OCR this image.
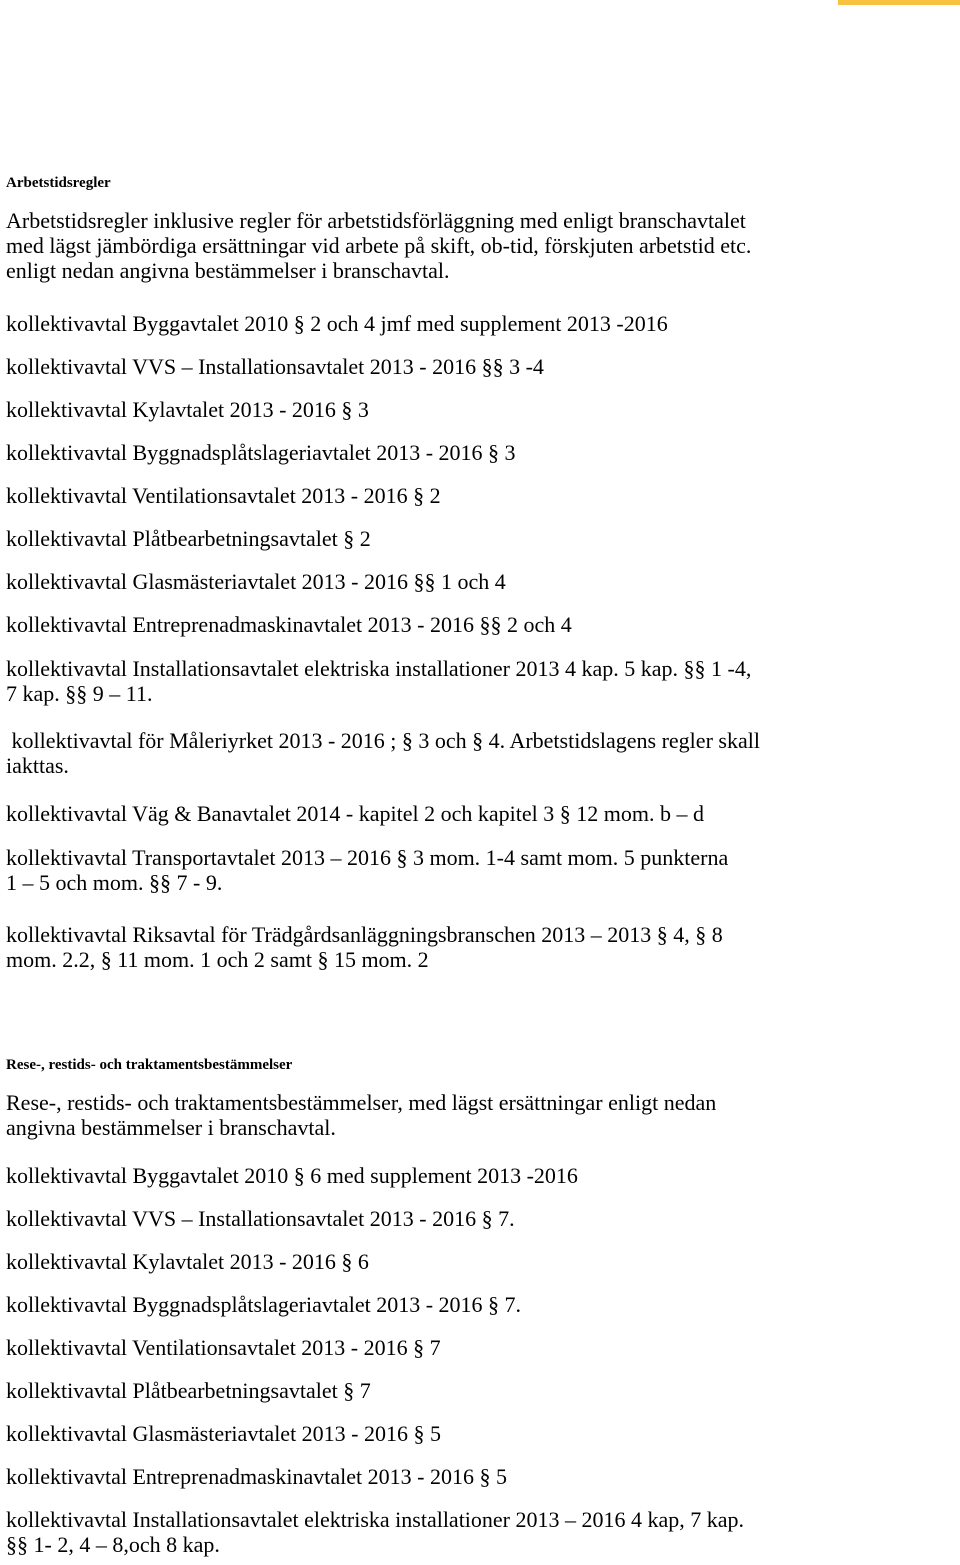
Arbetstidsregler
Arbetstidsregler inklusive regler för arbetstidsförläggning med enligt branschavtalet
med lägst jämbördiga ersättningar vid arbete på skift, ob-tid, förskjuten arbetstid etc.
enligt nedan angivna bestämmelser i branschavtal.
kollektivavtal Byggavtalet 2010 § 2 och 4 jmf med supplement 2013 -2016
kollektivavtal VVS – Installationsavtalet 2013 - 2016 §§ 3 -4
kollektivavtal Kylavtalet 2013 - 2016 § 3
kollektivavtal Byggnadsplåtslageriavtalet 2013 - 2016 § 3
kollektivavtal Ventilationsavtalet 2013 - 2016 § 2
kollektivavtal Plåtbearbetningsavtalet § 2
kollektivavtal Glasmästeriavtalet 2013 - 2016 §§ 1 och 4
kollektivavtal Entreprenadmaskinavtalet 2013 - 2016 §§ 2 och 4
kollektivavtal Installationsavtalet elektriska installationer 2013 4 kap. 5 kap. §§ 1 -4,
7 kap. §§ 9 – 11.
kollektivavtal för Måleriyrket 2013 - 2016 ; § 3 och § 4. Arbetstidslagens regler skall
iakttas.
kollektivavtal Väg & Banavtalet 2014 - kapitel 2 och kapitel 3 § 12 mom. b – d
kollektivavtal Transportavtalet 2013 – 2016 § 3 mom. 1-4 samt mom. 5 punkterna
1 – 5 och mom. §§ 7 - 9.
kollektivavtal Riksavtal för Trädgårdsanläggningsbranschen 2013 – 2013 § 4, § 8
mom. 2.2, § 11 mom. 1 och 2 samt § 15 mom. 2
Rese-, restids- och traktamentsbestämmelser
Rese-, restids- och traktamentsbestämmelser, med lägst ersättningar enligt nedan
angivna bestämmelser i branschavtal.
kollektivavtal Byggavtalet 2010 § 6 med supplement 2013 -2016
kollektivavtal VVS – Installationsavtalet 2013 - 2016 § 7.
kollektivavtal Kylavtalet 2013 - 2016 § 6
kollektivavtal Byggnadsplåtslageriavtalet 2013 - 2016 § 7.
kollektivavtal Ventilationsavtalet 2013 - 2016 § 7
kollektivavtal Plåtbearbetningsavtalet § 7
kollektivavtal Glasmästeriavtalet 2013 - 2016 § 5
kollektivavtal Entreprenadmaskinavtalet 2013 - 2016 § 5
kollektivavtal Installationsavtalet elektriska installationer 2013 – 2016 4 kap, 7 kap.
§§ 1- 2, 4 – 8,och 8 kap.
